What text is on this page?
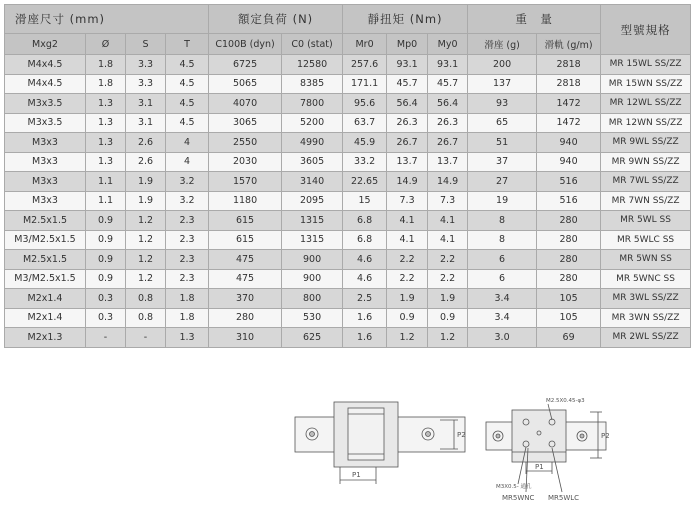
滑座尺寸 (mm)				額定負荷 (N)		靜扭矩 (Nm)			重　量		型號規格
Mxg2	Ø	S	T	C100B (dyn)	C0 (stat)	Mr0	Mp0	My0	滑座 (g)	滑軌 (g/m)	
M4x4.5	1.8	3.3	4.5	6725	12580	257.6	93.1	93.1	200	2818	MR 15WL SS/ZZ
M4x4.5	1.8	3.3	4.5	5065	8385	171.1	45.7	45.7	137	2818	MR 15WN SS/ZZ
M3x3.5	1.3	3.1	4.5	4070	7800	95.6	56.4	56.4	93	1472	MR 12WL SS/ZZ
M3x3.5	1.3	3.1	4.5	3065	5200	63.7	26.3	26.3	65	1472	MR 12WN SS/ZZ
M3x3	1.3	2.6	4	2550	4990	45.9	26.7	26.7	51	940	MR 9WL SS/ZZ
M3x3	1.3	2.6	4	2030	3605	33.2	13.7	13.7	37	940	MR 9WN SS/ZZ
M3x3	1.1	1.9	3.2	1570	3140	22.65	14.9	14.9	27	516	MR 7WL SS/ZZ
M3x3	1.1	1.9	3.2	1180	2095	15	7.3	7.3	19	516	MR 7WN SS/ZZ
M2.5x1.5	0.9	1.2	2.3	615	1315	6.8	4.1	4.1	8	280	MR 5WL SS
M3/M2.5x1.5	0.9	1.2	2.3	615	1315	6.8	4.1	4.1	8	280	MR 5WLC SS
M2.5x1.5	0.9	1.2	2.3	475	900	4.6	2.2	2.2	6	280	MR 5WN SS
M3/M2.5x1.5	0.9	1.2	2.3	475	900	4.6	2.2	2.2	6	280	MR 5WNC SS
M2x1.4	0.3	0.8	1.8	370	800	2.5	1.9	1.9	3.4	105	MR 3WL SS/ZZ
M2x1.4	0.3	0.8	1.8	280	530	1.6	0.9	0.9	3.4	105	MR 3WN SS/ZZ
M2x1.3	-	-	1.3	310	625	1.6	1.2	1.2	3.0	69	MR 2WL SS/ZZ
P1
P2
M2.5X0.45-φ3
P1
P2
M3X0.5- 通孔
MR5WNC MR5WLC
